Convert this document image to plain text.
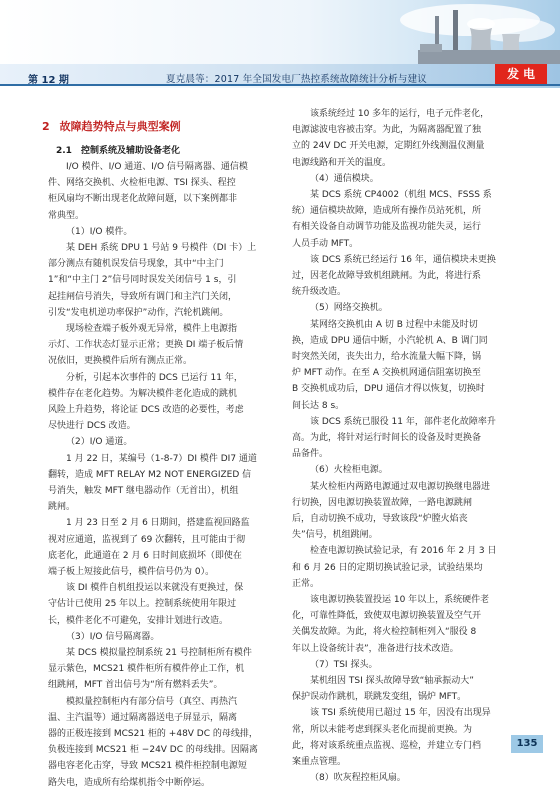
第 12 期	夏克晨等：2017 年全国发电厂热控系统故障统计分析与建议	发 电
2 故障趋势特点与典型案例
2.1 控制系统及辅助设备老化

I/O 模件、I/O 通道、I/O 信号隔离器、通信模

件、网络交换机、火检柜电源、TSI 探头、程控

柜风扇均不断出现老化故障问题，以下案例都非

常典型。

（1）I/O 模件。

某 DEH 系统 DPU 1 号站 9 号模件（DI 卡）上

部分测点有随机误发信号现象，其中“中主门

1”和“中主门 2”信号同时误发关闭信号 1 s，引

起挂闸信号消失，导致所有调门和主汽门关闭，

引发“发电机逆功率保护”动作，汽轮机跳闸。

现场检查端子板外观无异常，模件上电源指

示灯、工作状态灯显示正常；更换 DI 端子板后情

况依旧，更换模件后所有测点正常。

分析，引起本次事件的 DCS 已运行 11 年，

模件存在老化趋势。为解决模件老化造成的跳机

风险上升趋势，将论证 DCS 改造的必要性，考虑

尽快进行 DCS 改造。

（2）I/O 通道。

1 月 22 日，某编号（1-8-7）DI 模件 DI7 通道

翻转，造成 MFT RELAY M2 NOT ENERGIZED 信

号消失，触发 MFT 继电器动作（无首出），机组

跳闸。

1 月 23 日至 2 月 6 日期间，搭建监视回路监

视对应通道，监视到了 69 次翻转，且可能由于彻

底老化，此通道在 2 月 6 日时间底损坏（即使在

端子板上短接此信号，模件信号仍为 0）。

该 DI 模件自机组投运以来就没有更换过，保

守估计已使用 25 年以上。控制系统使用年限过

长，模件老化不可避免，安排计划进行改造。

（3）I/O 信号隔离器。

某 DCS 模拟量控制系统 21 号控制柜所有模件

显示紫色，MCS21 模件柜所有模件停止工作，机

组跳闸，MFT 首出信号为“所有燃料丢失”。

模拟量控制柜内有部分信号（真空、再热汽

温、主汽温等）通过隔离器送电子屏显示，隔离

器的正极连接到 MCS21 柜的 +48V DC 的母线排，

负极连接到 MCS21 柜 −24V DC 的母线排。因隔离

器电容老化击穿，导致 MCS21 模件柜控制电源短

路失电，造成所有给煤机指令中断停运。

该系统经过 10 多年的运行，电子元件老化，

电源滤波电容被击穿。为此，为隔离器配置了独

立的 24V DC 开关电源，定期红外线测温仪测量

电源线路和开关的温度。

（4）通信模块。

某 DCS 系统 CP4002（机组 MCS、FSSS 系

统）通信模块故障，造成所有操作员站死机，所

有相关设备自动调节功能及监视功能失灵，运行

人员手动 MFT。

该 DCS 系统已经运行 16 年，通信模块未更换

过，因老化故障导致机组跳闸。为此，将进行系

统升级改造。

（5）网络交换机。

某网络交换机由 A 切 B 过程中未能及时切

换，造成 DPU 通信中断，小汽轮机 A、B 调门同

时突然关闭，丧失出力，给水流量大幅下降，锅

炉 MFT 动作。在至 A 交换机网通信阻塞切换至

B 交换机成功后，DPU 通信才得以恢复，切换时

间长达 8 s。

该 DCS 系统已服役 11 年，部件老化故障率升

高。为此，将针对运行时间长的设备及时更换备

品备件。

（6）火检柜电源。

某火检柜内两路电源通过双电源切换继电器进

行切换，因电源切换装置故障，一路电源跳闸

后，自动切换不成功，导致该段“炉膛火焰丧

失”信号，机组跳闸。

检查电源切换试验记录，有 2016 年 2 月 3 日

和 6 月 26 日的定期切换试验记录，试验结果均

正常。

该电源切换装置投运 10 年以上，系统硬件老

化，可靠性降低，致使双电源切换装置及空气开

关偶发故障。为此，将火检控制柜列入“服役 8

年以上设备统计表”，准备进行技术改造。

（7）TSI 探头。

某机组因 TSI 探头故障导致“轴承振动大”

保护误动作跳机，联跳发变组，锅炉 MFT。

该 TSI 系统使用已超过 15 年，因没有出现异

常，所以未能考虑到探头老化而提前更换。为

此，将对该系统重点监视、巡检，并建立专门档

案重点管理。

（8）吹灰程控柜风扇。

135
